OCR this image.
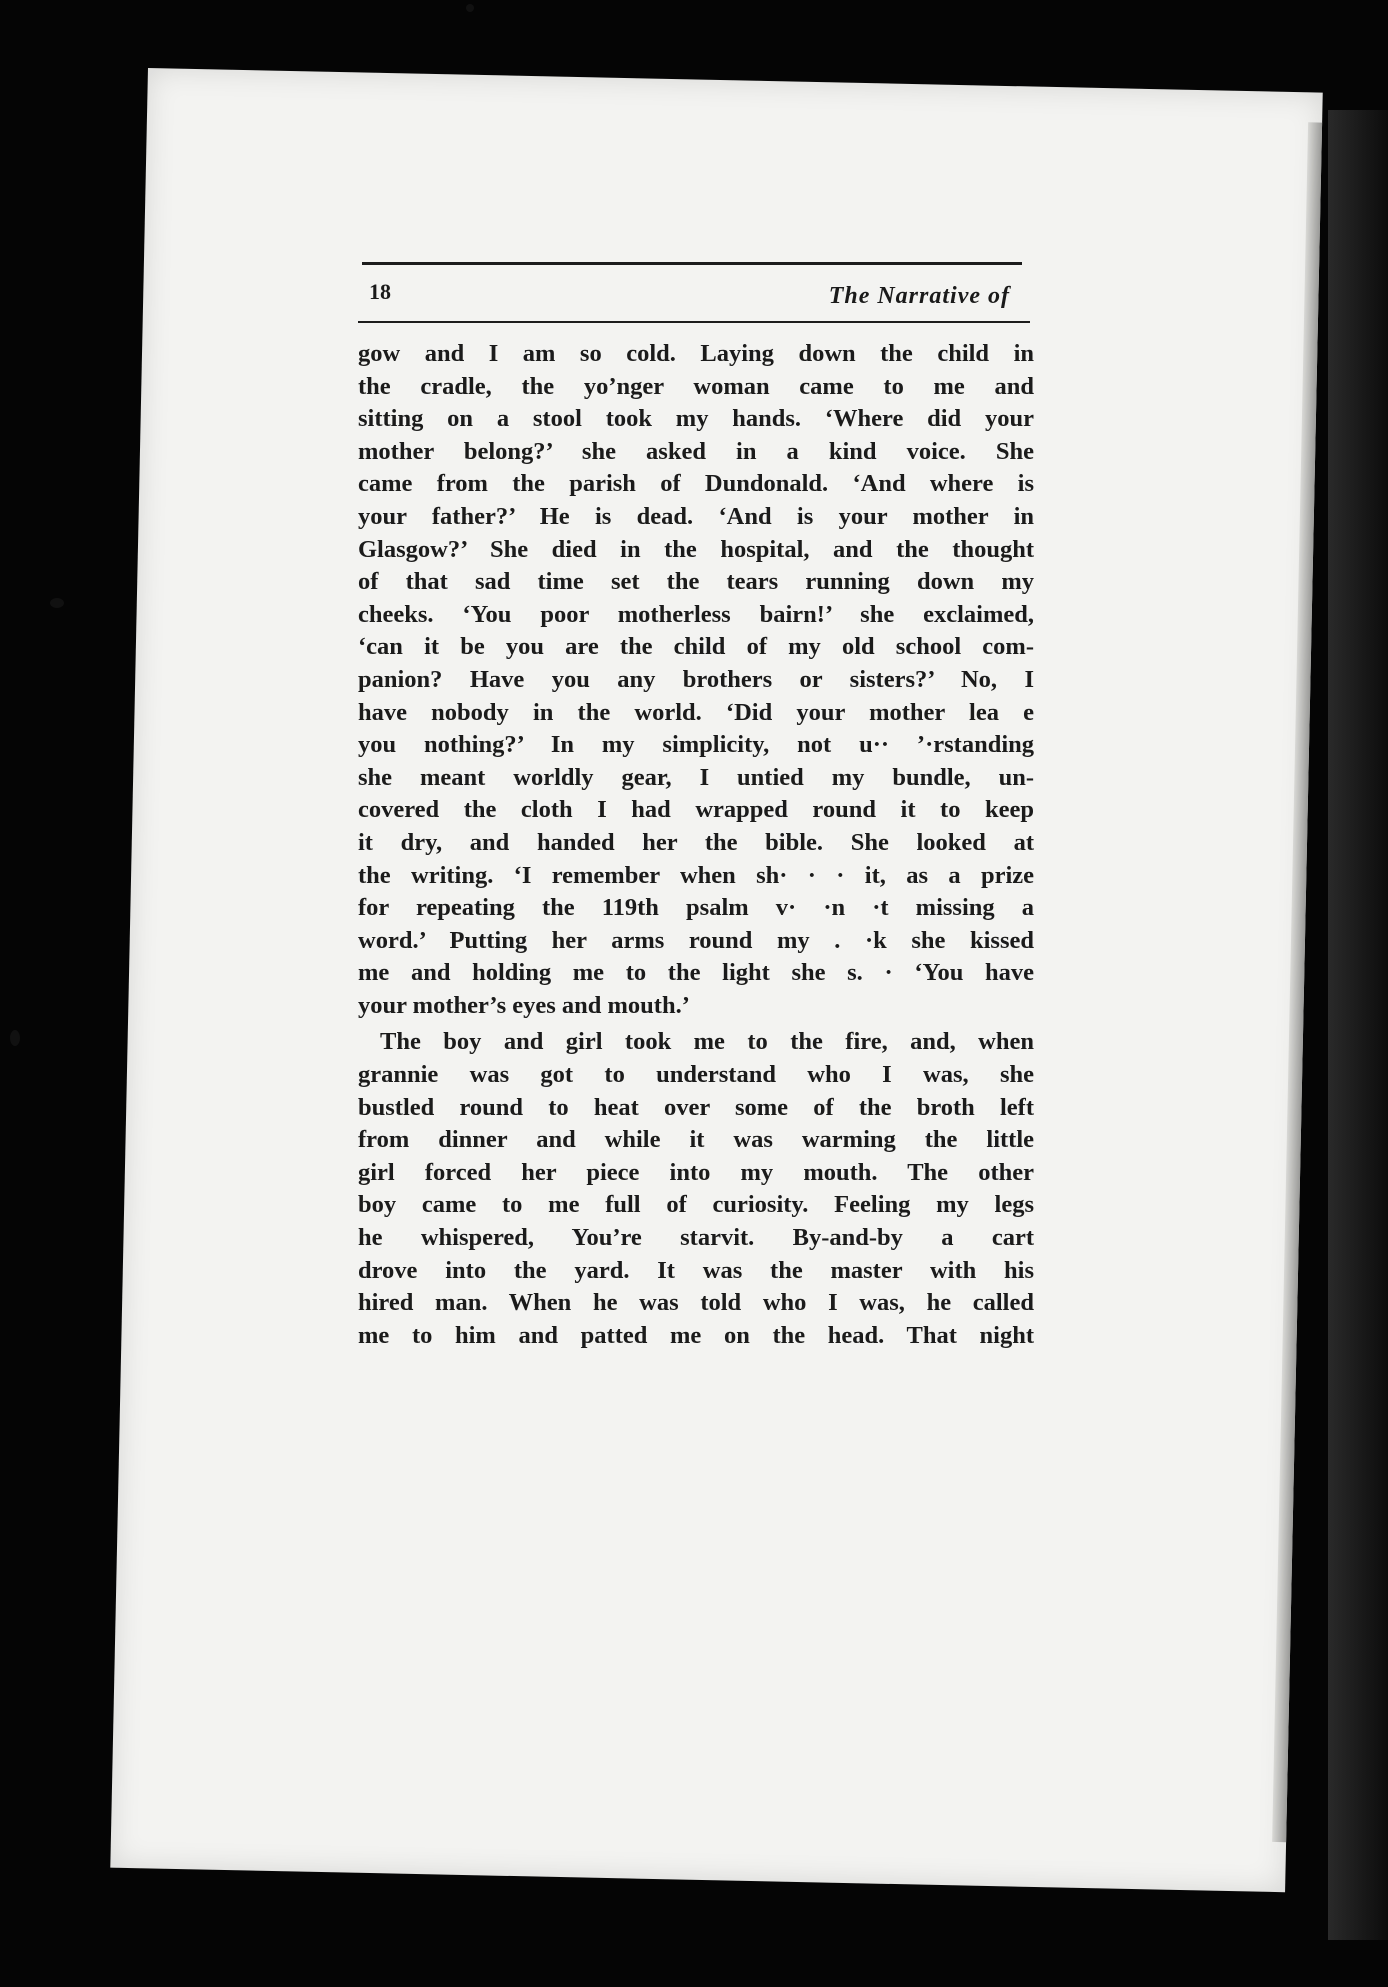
18	The Narrative of

gow and I am so cold. Laying down the child in
the cradle, the yo’nger woman came to me and
sitting on a stool took my hands. ‘Where did your
mother belong?’ she asked in a kind voice. She
came from the parish of Dundonald. ‘And where is
your father?’ He is dead. ‘And is your mother in
Glasgow?’ She died in the hospital, and the thought
of that sad time set the tears running down my
cheeks. ‘You poor motherless bairn!’ she exclaimed,
‘can it be you are the child of my old school com-
panion? Have you any brothers or sisters?’ No, I
have nobody in the world. ‘Did your mother lea e
you nothing?’ In my simplicity, not u·· ’·rstanding
she meant worldly gear, I untied my bundle, un-
covered the cloth I had wrapped round it to keep
it dry, and handed her the bible. She looked at
the writing. ‘I remember when sh· · · it, as a prize
for repeating the 119th psalm v· ·n ·t missing a
word.’ Putting her arms round my . ·k she kissed
me and holding me to the light she s. · ‘You have
your mother’s eyes and mouth.’

The boy and girl took me to the fire, and, when
grannie was got to understand who I was, she
bustled round to heat over some of the broth left
from dinner and while it was warming the little
girl forced her piece into my mouth. The other
boy came to me full of curiosity. Feeling my legs
he whispered, You’re starvit. By-and-by a cart
drove into the yard. It was the master with his
hired man. When he was told who I was, he called
me to him and patted me on the head. That night
